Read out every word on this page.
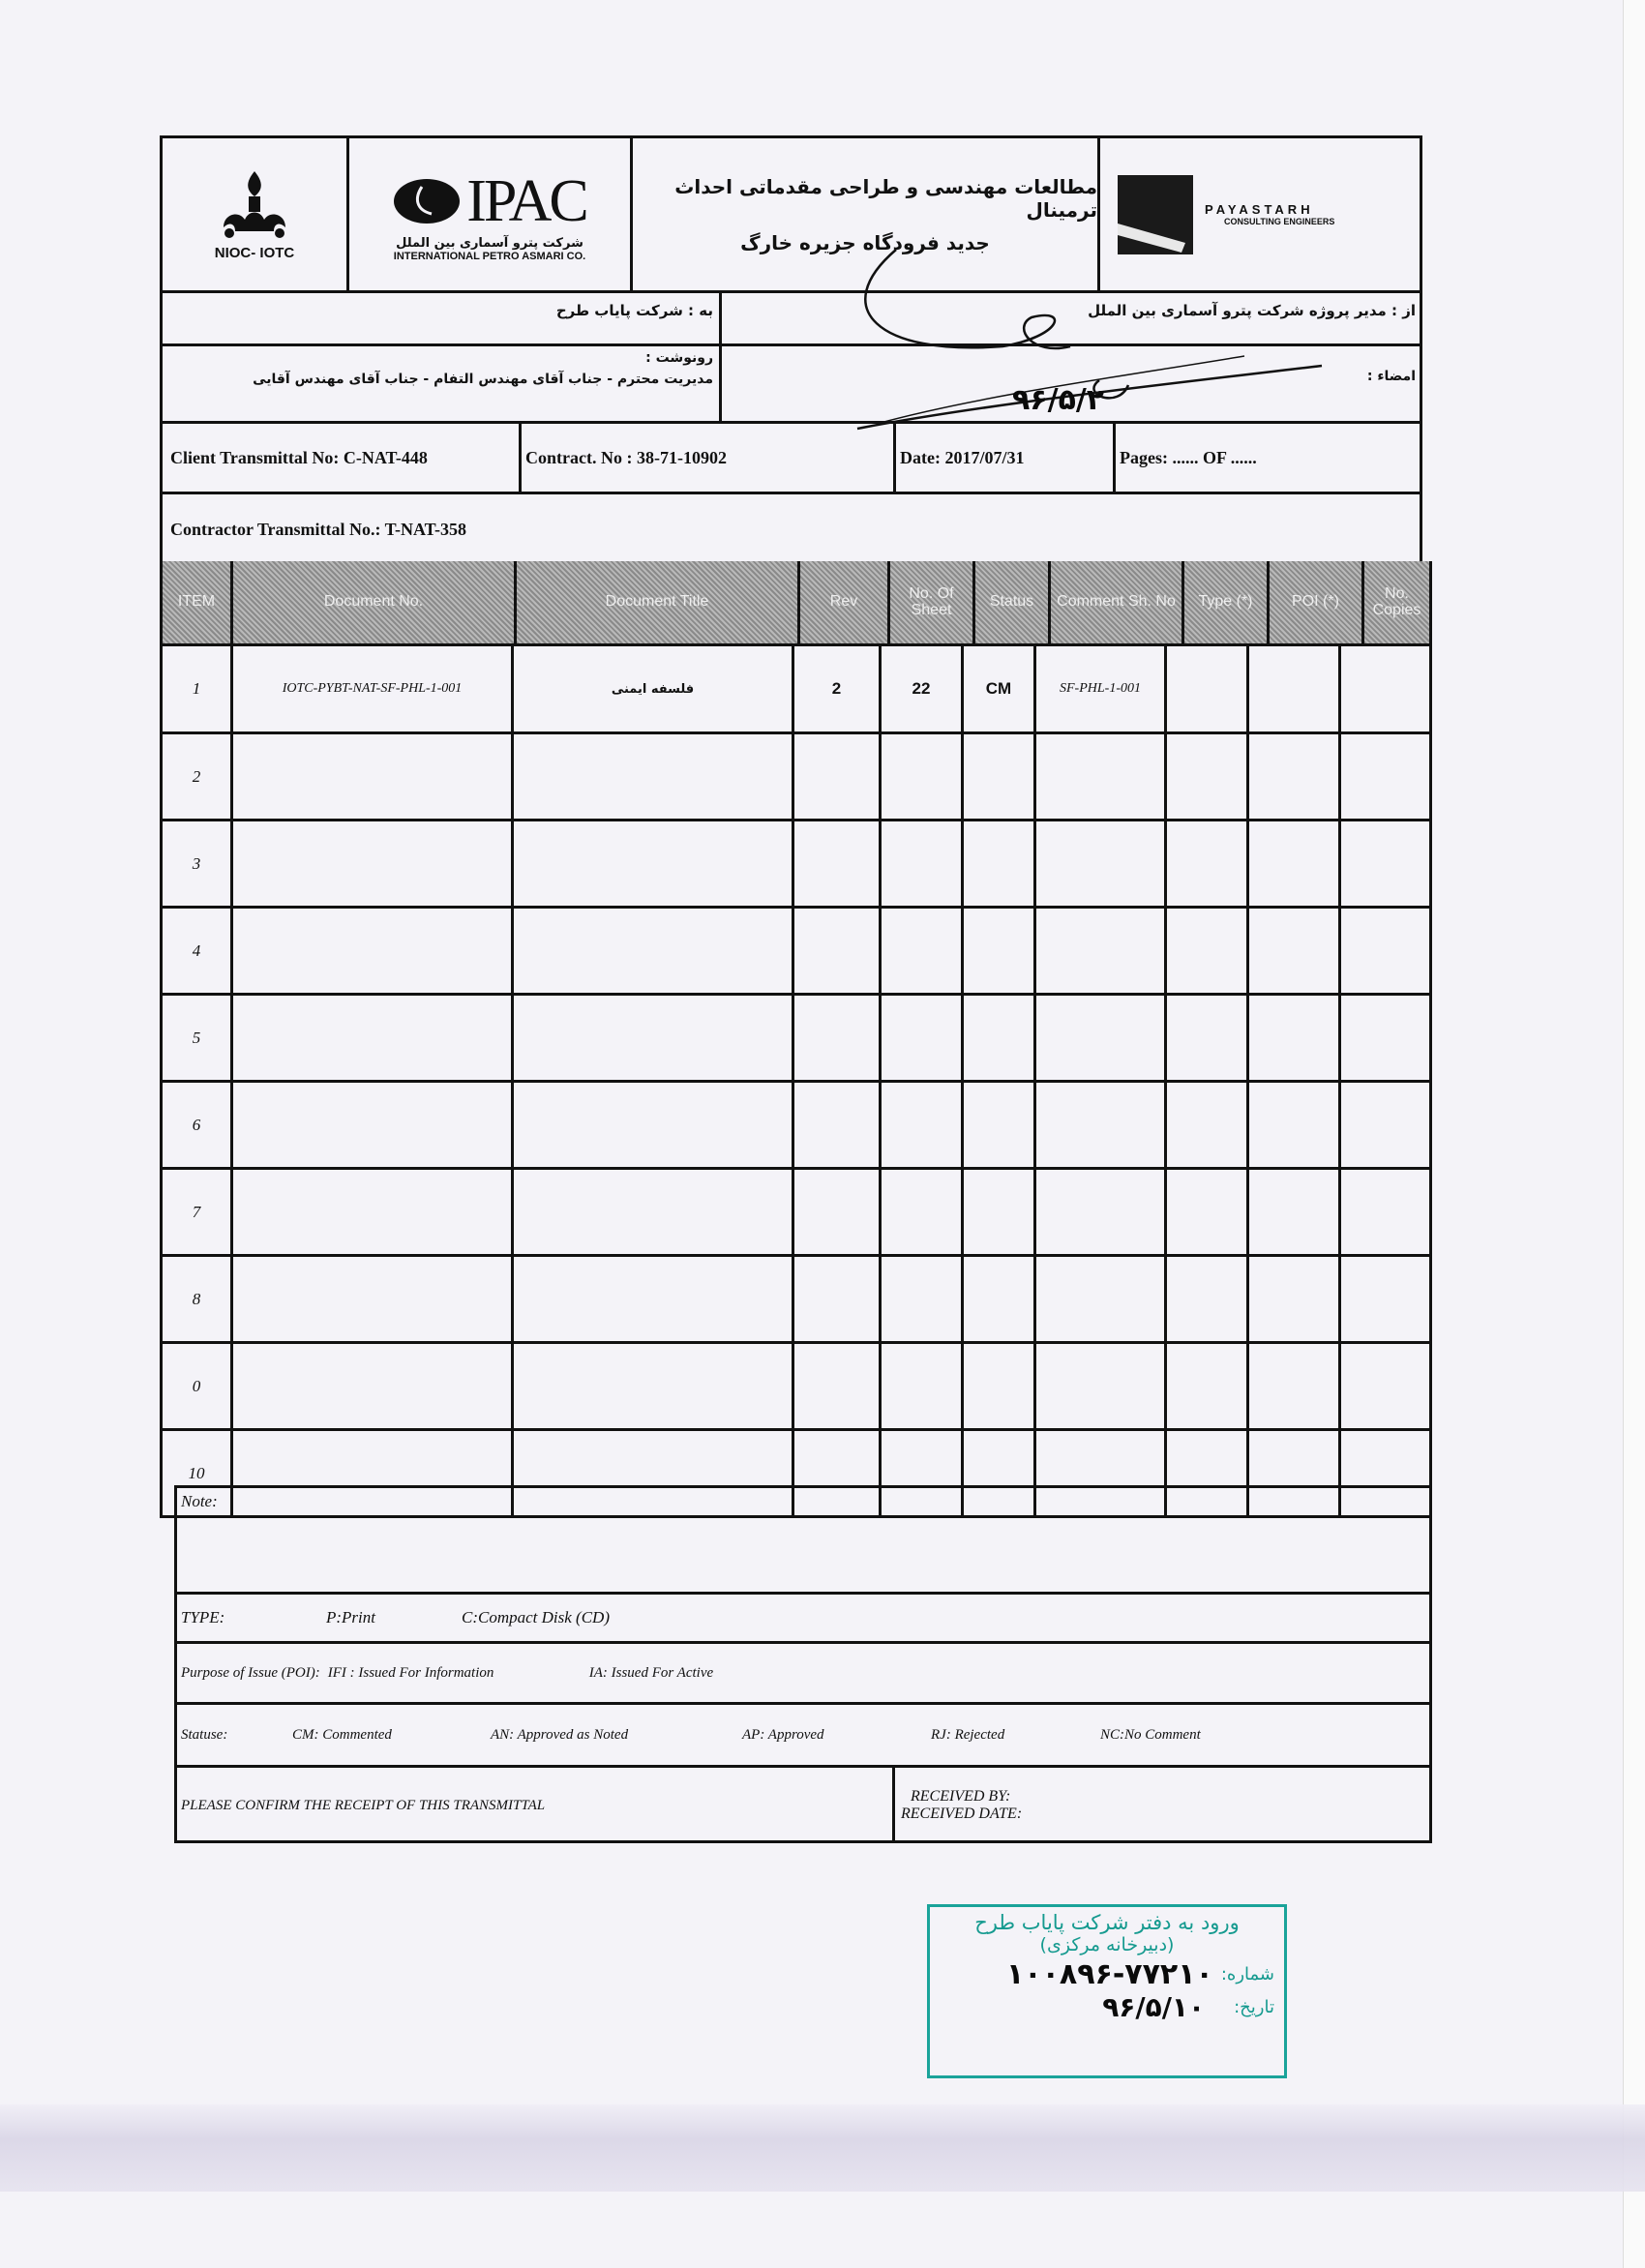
NIOC- IOTC
IPAC
شرکت پترو آسماری بین الملل
INTERNATIONAL PETRO ASMARI CO.
مطالعات مهندسی و طراحی مقدماتی احداث ترمینال
جدید فرودگاه جزیره خارگ
PAYASTARH
CONSULTING ENGINEERS
به : شرکت پایاب طرح	از : مدیر پروژه شرکت پترو آسماری بین الملل
رونوشت :
مدیریت محترم - جناب آقای مهندس التفام - جناب آقای مهندس آقایی	امضاء :
۹۶/۵/۲
Client Transmittal No: C-NAT-448	Contract. No : 38-71-10902	Date: 2017/07/31	Pages: ...... OF ......
Contractor Transmittal No.: T-NAT-358
ITEM	Document No.	Document Title	Rev	No. Of Sheet	Status	Comment Sh. No	Type (*)	POI (*)	No. Copies
1	IOTC-PYBT-NAT-SF-PHL-1-001	فلسفه ایمنی	2	22	CM	SF-PHL-1-001
2
3
4
5
6
7
8
0
10
Note:
TYPE:	P:Print	C:Compact Disk (CD)
Purpose of Issue (POI): IFI : Issued For Information	IA: Issued For Active
Statuse:	CM: Commented	AN: Approved as Noted	AP: Approved	RJ: Rejected	NC:No Comment
PLEASE CONFIRM THE RECEIPT OF THIS TRANSMITTAL
RECEIVED BY:
RECEIVED DATE:
ورود به دفتر شرکت پایاب طرح
(دبیرخانه مرکزی)
شماره:
۱۰۰۸۹۶-۷۷۲۱۰
تاریخ:
۹۶/۵/۱۰
